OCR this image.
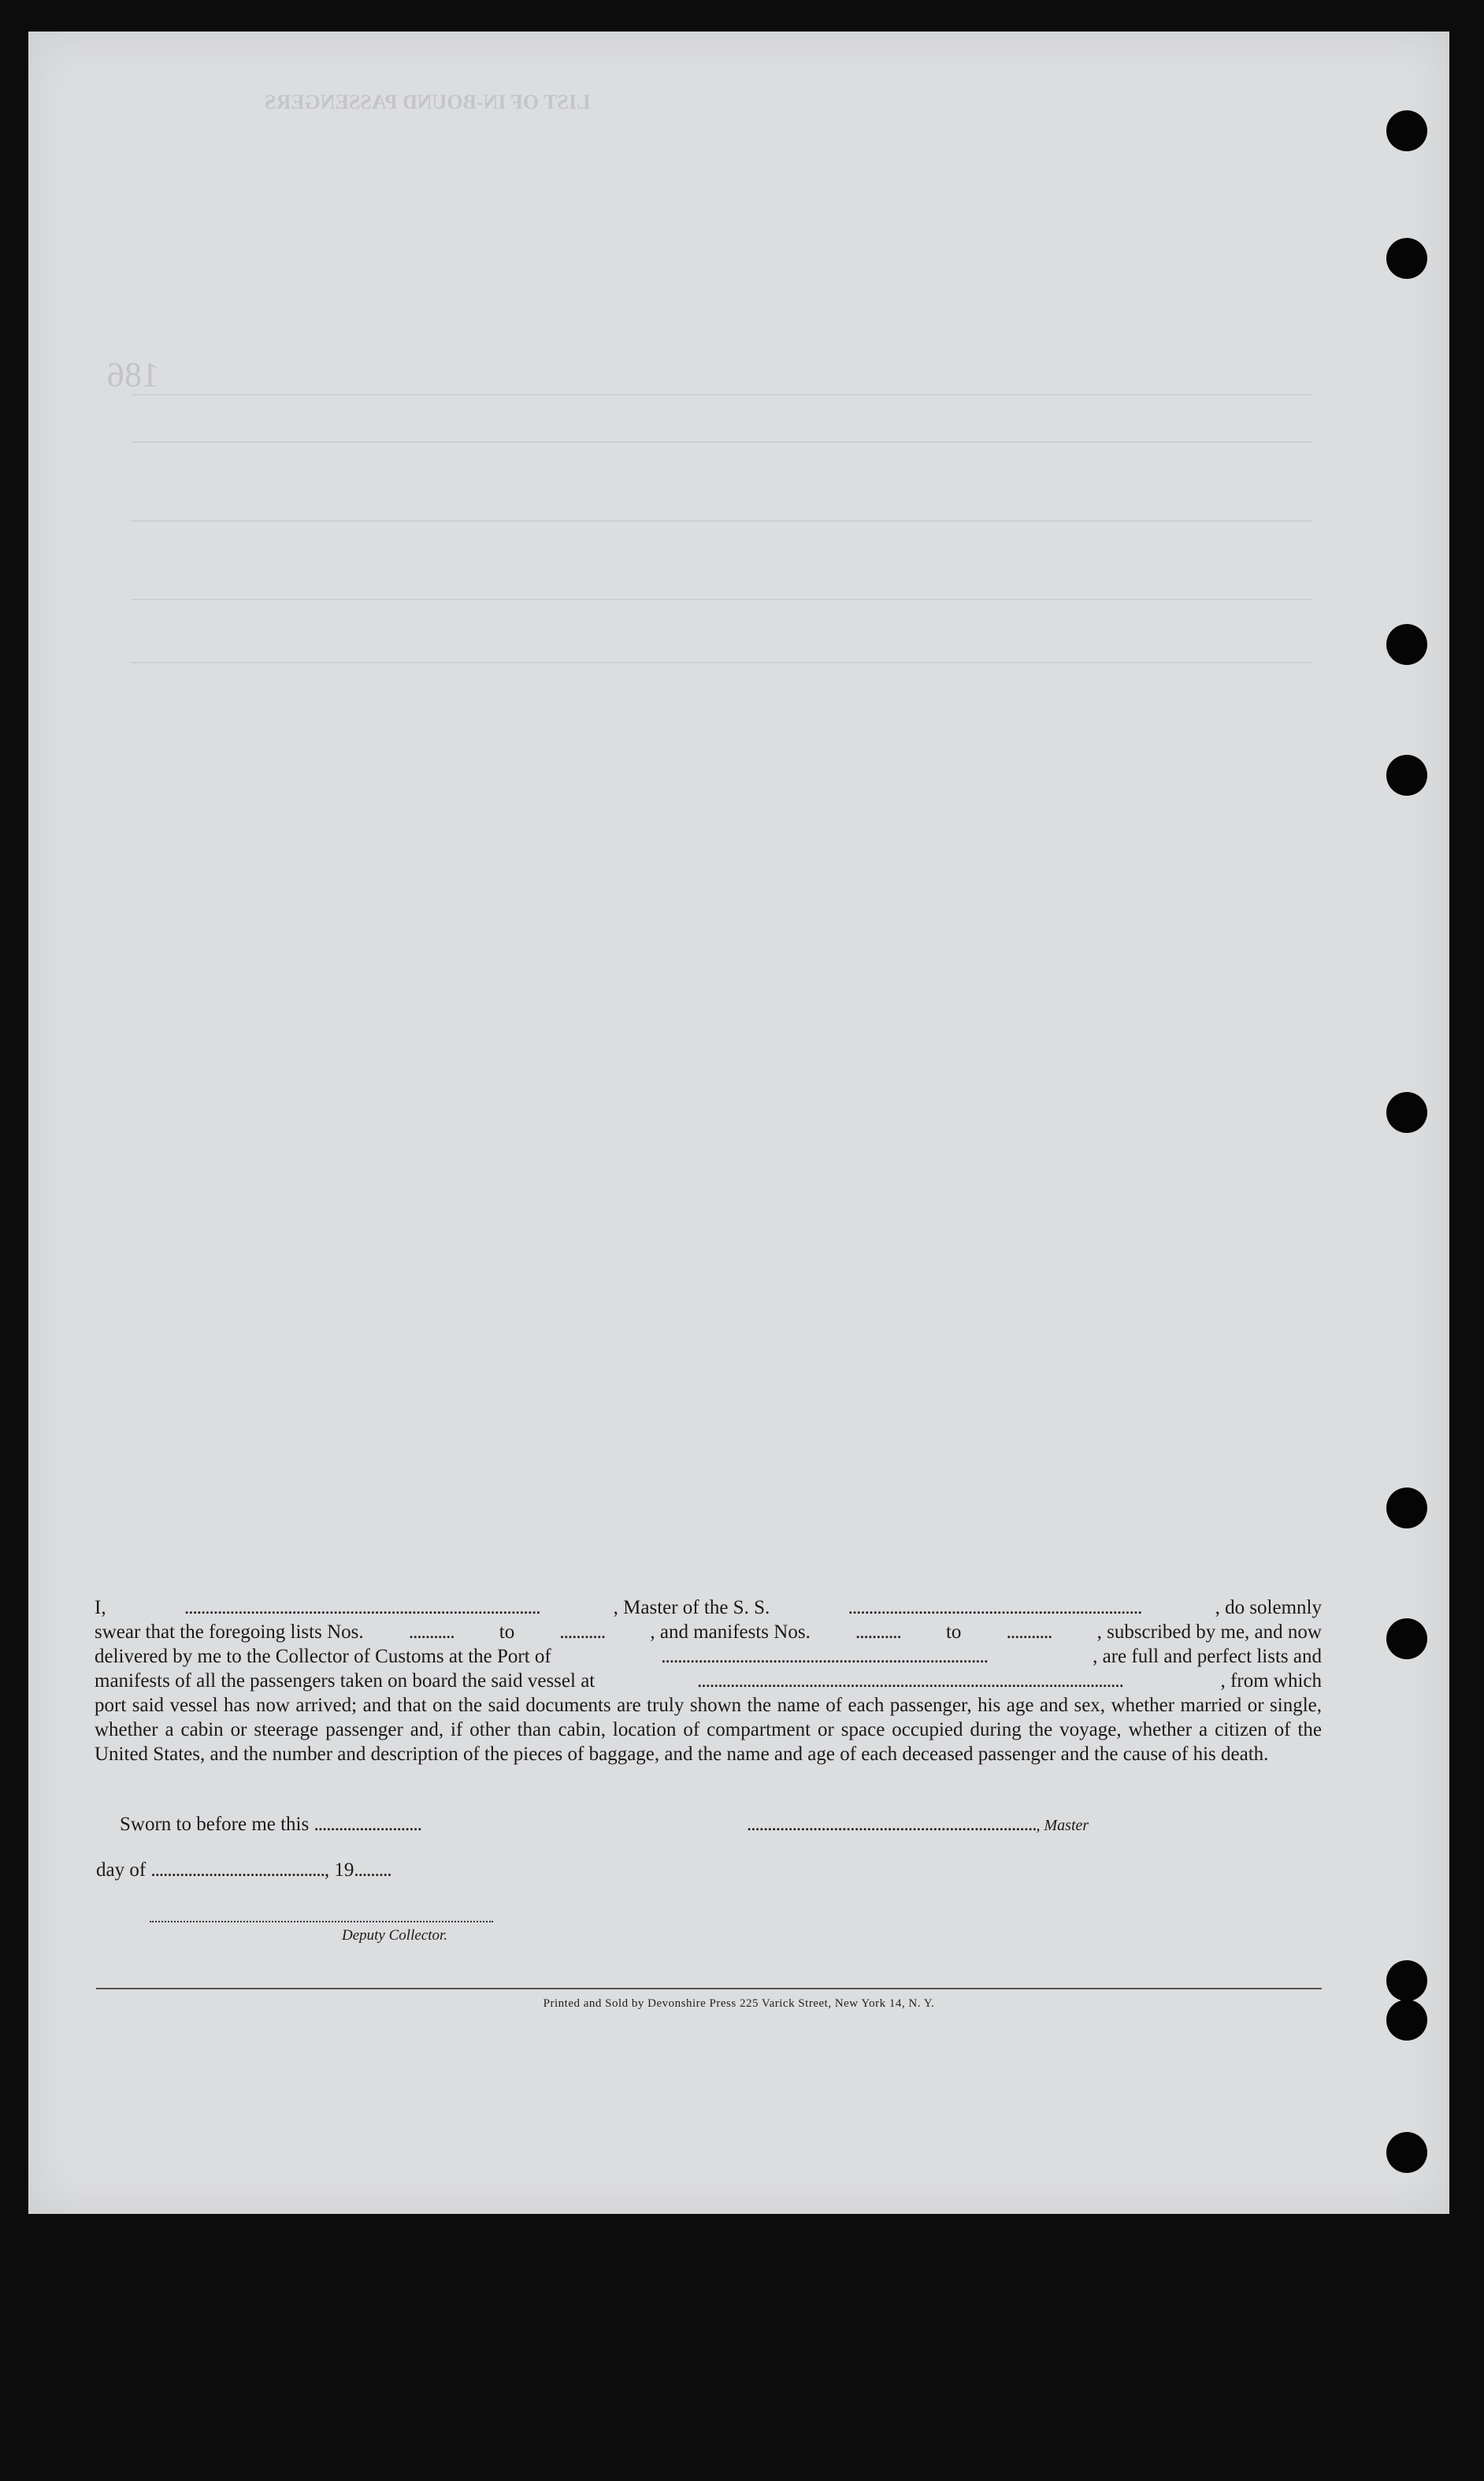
LIST OF IN-BOUND PASSENGERS
186
I,	......................................................................................	, Master of the S. S.	.......................................................................	, do solemnly
swear that the foregoing lists Nos. ........... to ........... , and manifests Nos. ........... to ........... , subscribed by me, and now
delivered by me to the Collector of Customs at the Port of	...............................................................................	, are full and perfect lists and
manifests of all the passengers taken on board the said vessel at	.......................................................................................................	, from which
port said vessel has now arrived; and that on the said documents are truly shown the name of each passenger, his age and sex, whether married or single, whether a cabin or steerage passenger and, if other than cabin, location of compartment or space occupied during the voyage, whether a citizen of the United States, and the number and description of the pieces of baggage, and the name and age of each deceased passenger and the cause of his death.
Sworn to before me this ..........................	......................................................................, Master
day of .........................................., 19.........
Deputy Collector.
Printed and Sold by Devonshire Press 225 Varick Street, New York 14, N. Y.
